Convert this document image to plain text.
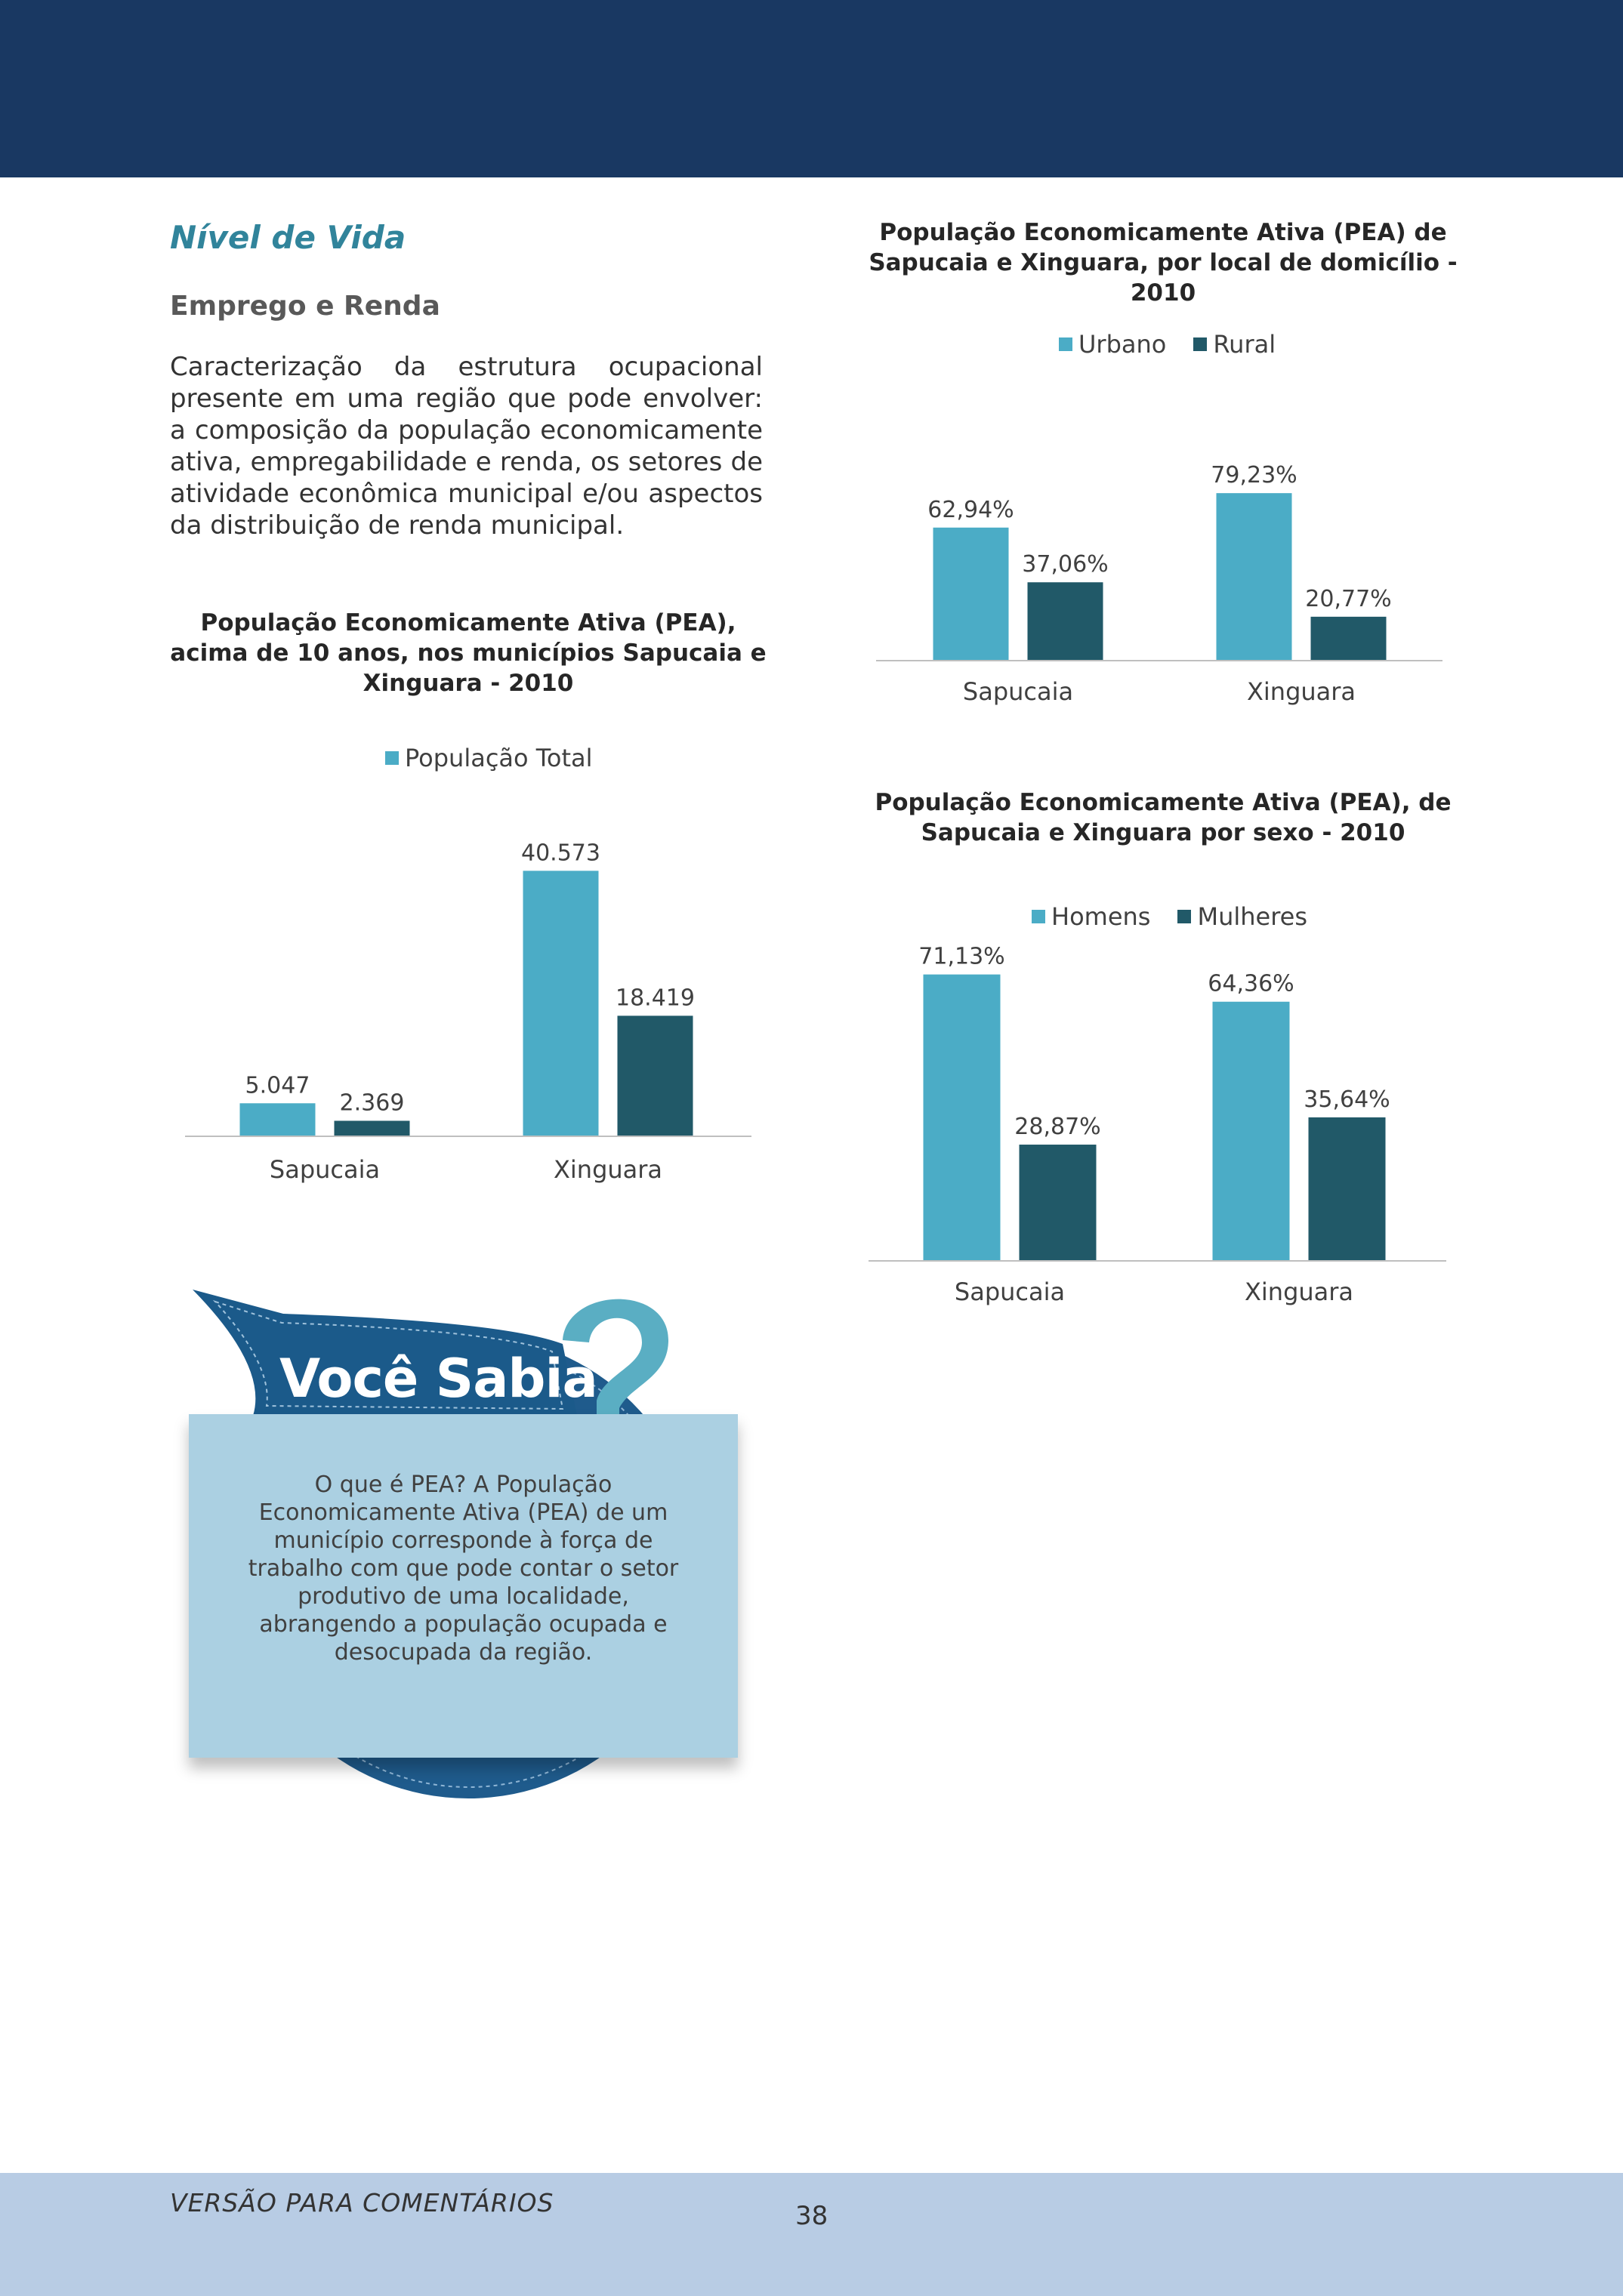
Nível de Vida
Emprego e Renda

Caracterização da estrutura ocupacional presente em uma região que pode envolver: a composição da população economicamente ativa, empregabilidade e renda, os setores de atividade econômica municipal e/ou aspectos da distribuição de renda municipal.

População Economicamente Ativa (PEA), acima de 10 anos, nos municípios Sapucaia e Xinguara - 2010
População Total
5.047
40.573
2.369
18.419
Sapucaia	Xinguara
População Economicamente Ativa (PEA) de Sapucaia e Xinguara, por local de domicílio - 2010
Urbano Rural
62,94%
79,23%
37,06%
20,77%
Sapucaia	Xinguara
População Economicamente Ativa (PEA), de Sapucaia e Xinguara por sexo - 2010
Homens Mulheres
71,13%
64,36%
28,87%
35,64%
Sapucaia	Xinguara
Você Sabia

O que é PEA? A População Economicamente Ativa (PEA) de um município corresponde à força de trabalho com que pode contar o setor produtivo de uma localidade, abrangendo a população ocupada e desocupada da região.

VERSÃO PARA COMENTÁRIOS	38
